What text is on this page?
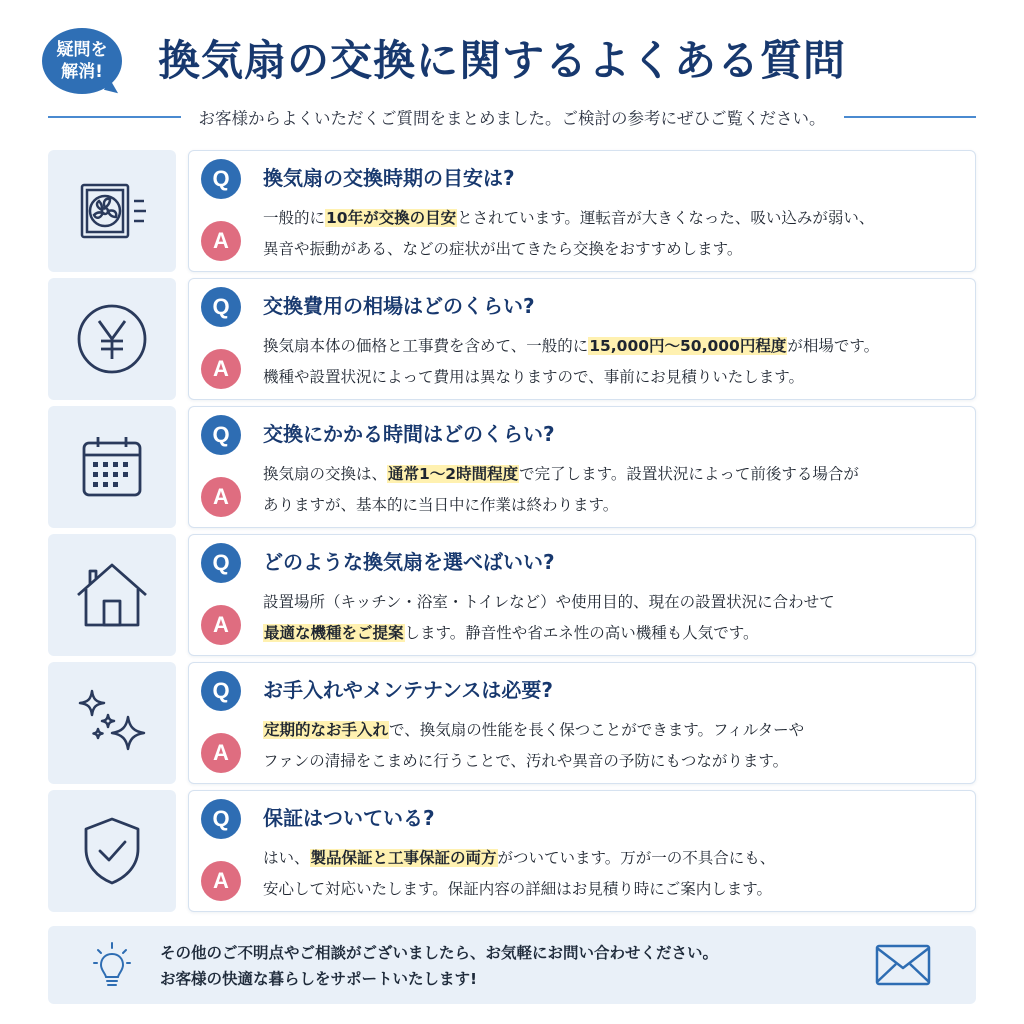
疑問を
解消! 換気扇の交換に関するよくある質問
お客様からよくいただくご質問をまとめました。ご検討の参考にぜひご覧ください。
Q	換気扇の交換時期の目安は?
A
一般的に10年が交換の目安とされています。運転音が大きくなった、吸い込みが弱い、
異音や振動がある、などの症状が出てきたら交換をおすすめします。
Q	交換費用の相場はどのくらい?
A
換気扇本体の価格と工事費を含めて、一般的に15,000円〜50,000円程度が相場です。
機種や設置状況によって費用は異なりますので、事前にお見積りいたします。
Q	交換にかかる時間はどのくらい?
A
換気扇の交換は、通常1〜2時間程度で完了します。設置状況によって前後する場合が
ありますが、基本的に当日中に作業は終わります。
Q	どのような換気扇を選べばいい?
A
設置場所（キッチン・浴室・トイレなど）や使用目的、現在の設置状況に合わせて
最適な機種をご提案します。静音性や省エネ性の高い機種も人気です。
Q	お手入れやメンテナンスは必要?
A
定期的なお手入れで、換気扇の性能を長く保つことができます。フィルターや
ファンの清掃をこまめに行うことで、汚れや異音の予防にもつながります。
Q	保証はついている?
A
はい、製品保証と工事保証の両方がついています。万が一の不具合にも、
安心して対応いたします。保証内容の詳細はお見積り時にご案内します。
その他のご不明点やご相談がございましたら、お気軽にお問い合わせください。
お客様の快適な暮らしをサポートいたします!
